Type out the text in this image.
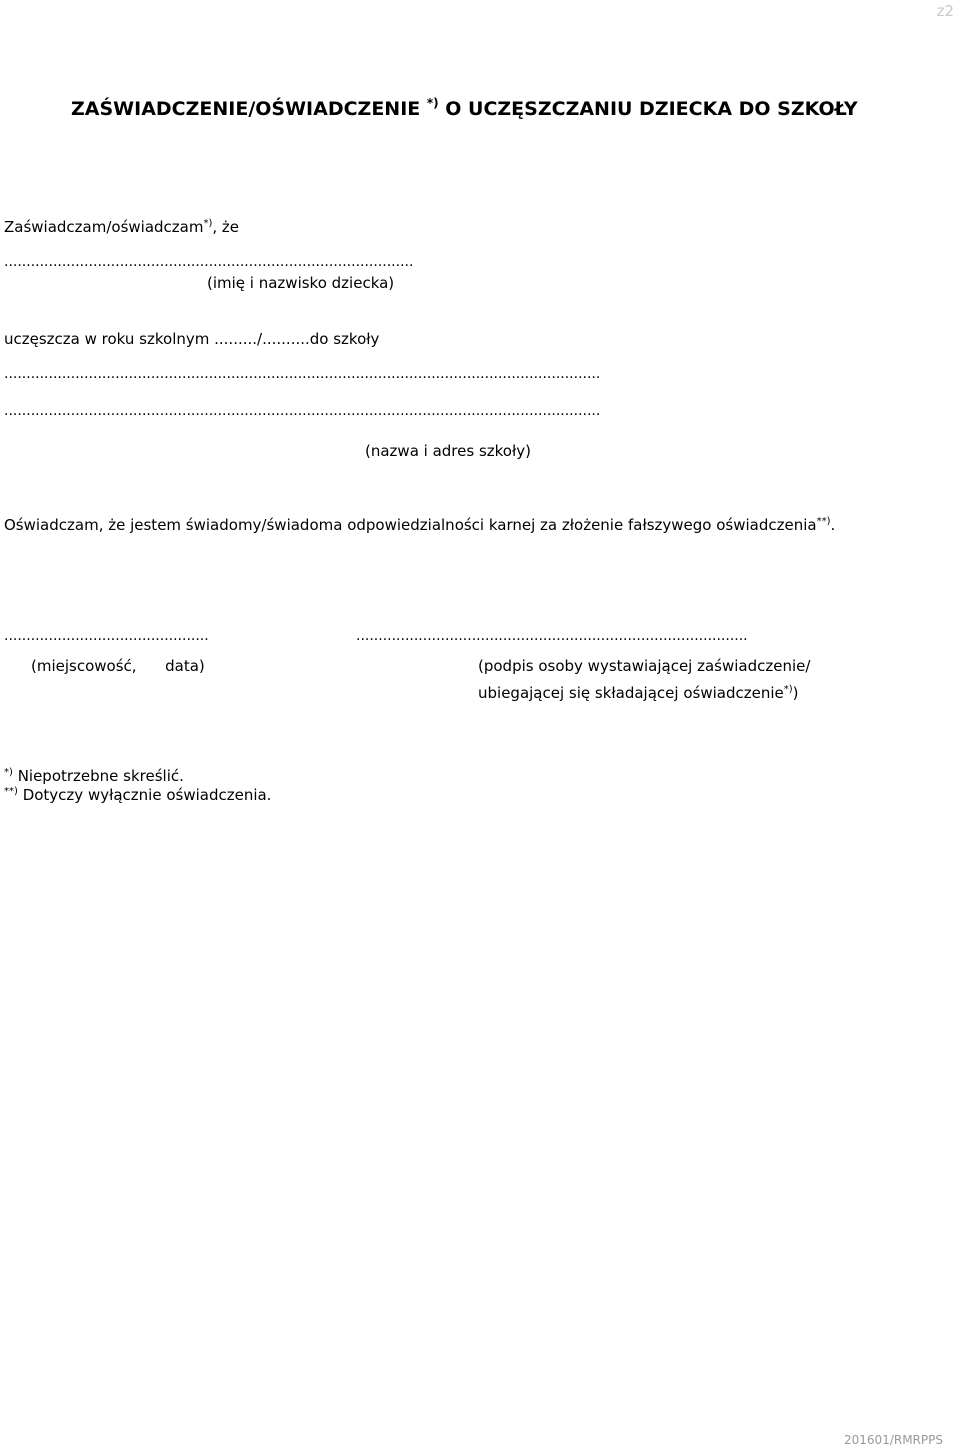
z2
ZAŚWIADCZENIE/OŚWIADCZENIE *) O UCZĘSZCZANIU DZIECKA DO SZKOŁY
Zaświadczam/oświadczam*), że
............................................................................................
(imię i nazwisko dziecka)
uczęszcza w roku szkolnym ........./..........do szkoły
......................................................................................................................................
......................................................................................................................................
(nazwa i adres szkoły)
Oświadczam, że jestem świadomy/świadoma odpowiedzialności karnej za złożenie fałszywego oświadczenia**).
..............................................	........................................................................................
(miejscowość,      data)	(podpis osoby wystawiającej zaświadczenie/
ubiegającej się składającej oświadczenie*))
*) Niepotrzebne skreślić.
**) Dotyczy wyłącznie oświadczenia.
201601/RMRPPS
